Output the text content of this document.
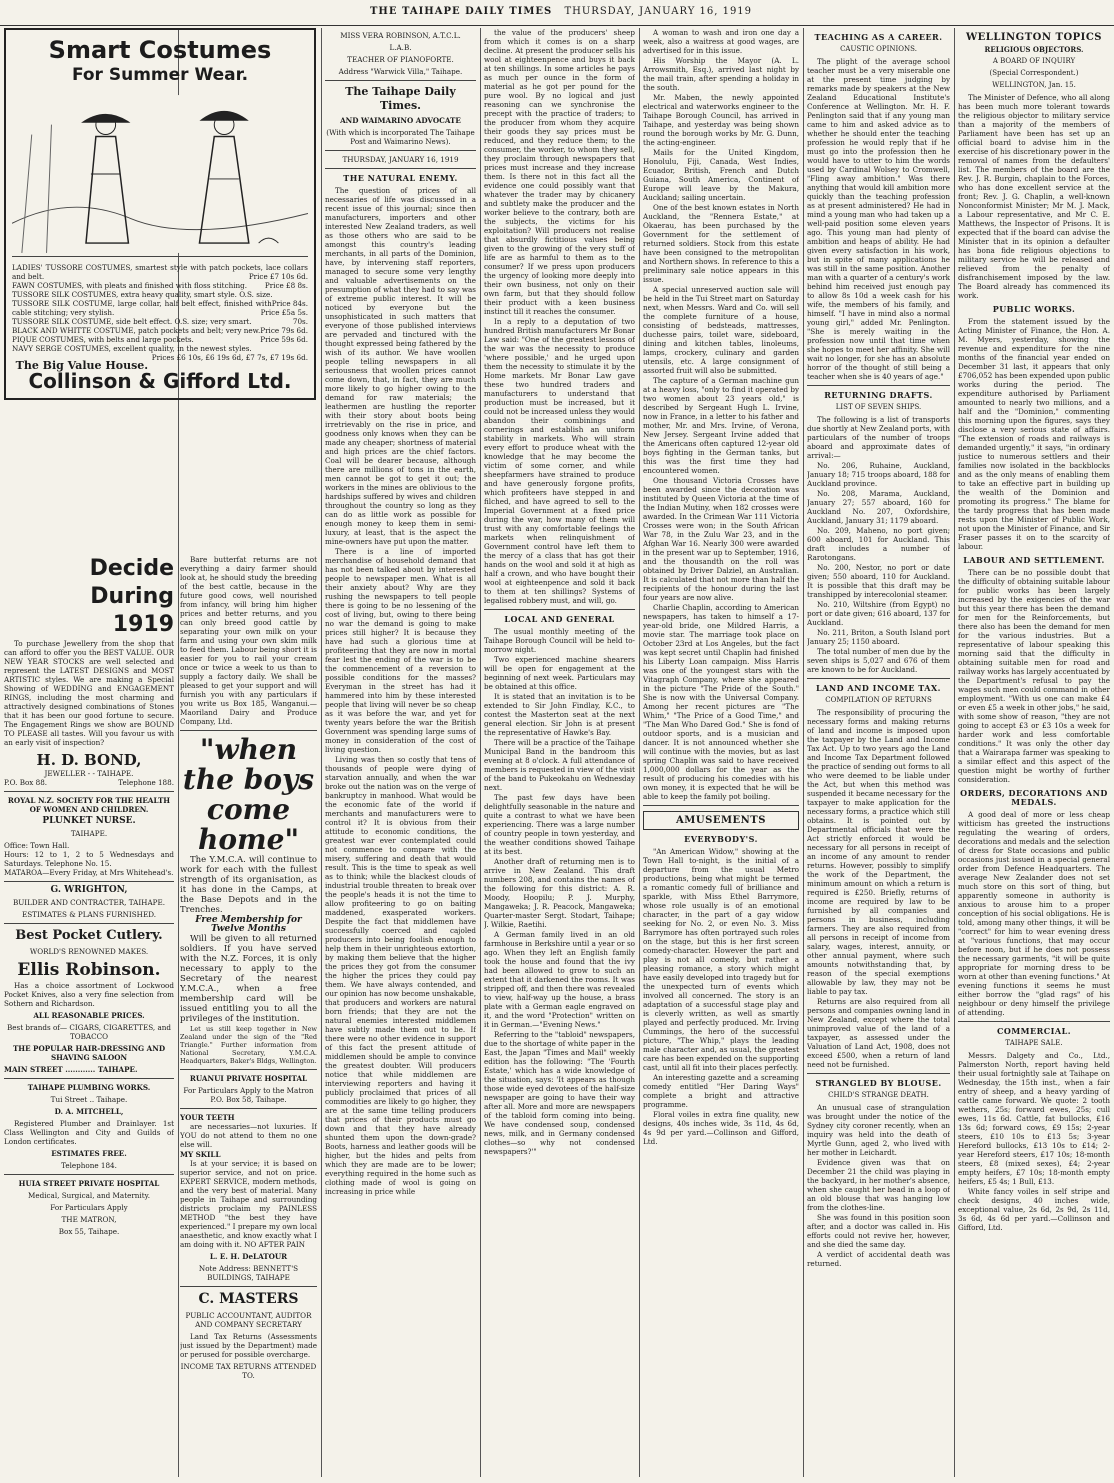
THE TAIHAPE DAILY TIMES THURSDAY, JANUARY 16, 1919
Smart Costumes
For Summer Wear.
LADIES' TUSSORE COSTUMES, smartest style with patch pockets, lace collars and belt.	Price £7 10s 6d.
FAWN COSTUMES, with pleats and finished with floss stitching. Price £8 8s.
TUSSORE SILK COSTUMES, extra heavy quality, smart style. O.S. size.
Price 84s.
TUSSORE SILK COSTUME, large collar, half belt effect, finished with cable stitching; very stylish.	Price £5a 5s.
TUSSORE SILK COSTUME, side belt effect. O.S. size; very smart.	70s.
BLACK AND WHITTE COSTUME, patch pockets and belt; very new. Price 79s 6d.
PIQUE COSTUMES, with belts and large pockets.	Price 59s 6d.
NAVY SERGE COSTUMES, excellent quality, in the newest styles.
Prices £6 10s, £6 19s 6d, £7 7s, £7 19s 6d.
The Big Value House.
Collinson & Gifford Ltd.
Decide
During
1919

To purchase Jewellery from the shop that can afford to offer you the BEST VALUE. OUR NEW YEAR STOCKS are well selected and represent the LATEST DESIGNS and MOST ARTISTIC styles. We are making a Special Showing of WEDDING and ENGAGEMENT RINGS, including the most charming and attractively designed combinations of Stones that it has been our good fortune to secure. The Engagement Rings we show are BOUND TO PLEASE all tastes. Will you favour us with an early visit of inspection?

H. D. BOND,
JEWELLER - - TAIHAPE.
P.O. Box 88.	Telephone 188.
ROYAL N.Z. SOCIETY FOR THE HEALTH OF WOMEN AND CHILDREN.
PLUNKET NURSE.
TAIHAPE.
Office: Town Hall.
Hours: 12 to 1, 2 to 5 Wednesdays and Saturdays. Telephone No. 15.
MATAROA—Every Friday, at Mrs Whitehead's.
G. WRIGHTON,
BUILDER AND CONTRACTER, TAIHAPE.
ESTIMATES & PLANS FURNISHED.
Best Pocket Cutlery.
WORLD'S RENOWNED MAKES.
Ellis Robinson.

Has a choice assortment of Lockwood Pocket Knives, also a very fine selection from Sothern and Richardson.

ALL REASONABLE PRICES.
Best brands of— CIGARS, CIGARETTES, and TOBACCO
THE POPULAR HAIR-DRESSING AND SHAVING SALOON
MAIN STREET ............ TAIHAPE.
TAIHAPE PLUMBING WORKS.
Tui Street .. Taihape.
D. A. MITCHELL,

Registered Plumber and Drainlayer. 1st Class Wellington and City and Guilds of London certificates.

ESTIMATES FREE.
Telephone 184.
HUIA STREET PRIVATE HOSPITAL
Medical, Surgical, and Maternity.
For Particulars Apply
THE MATRON,
Box 55, Taihape.

Bare butterfat returns are not everything a dairy farmer should look at, he should study the breeding of the best cattle, because in the future good cows, well nourished from infancy, will bring him higher prices and better returns, and you can only breed good cattle by separating your own milk on your farm and using your own skim milk to feed them. Labour being short it is easier for you to rail your cream once or twice a week to us than to supply a factory daily. We shall be pleased to get your support and will furnish you with any particulars if you write us Box 185, Wanganui.—Maoriland Dairy and Produce Company, Ltd.

"when the boys come home"

The Y.M.C.A. will continue to work for each with the fullest strength of its organisation, as it has done in the Camps, at the Base Depots and in the Trenches.

Free Membership for Twelve Months

Will be given to all returned soldiers. If you have served with the N.Z. Forces, it is only necessary to apply to the Secretary of the nearest Y.M.C.A., when a free membership card will be issued entitling you to all the privileges of the institution.

Let us still keep together in New Zealand under the sign of the "Red Triangle." Further information from National Secretary, Y.M.C.A. Headquarters, Baker's Bldgs, Wellington.

RUANUI PRIVATE HOSPITAL
For Particulars Apply to the Matron P.O. Box 58, Taihape.
YOUR TEETH

are necessaries—not luxuries. If YOU do not attend to them no one else will.

MY SKILL

Is at your service; it is based on superior service, and not on price. EXPERT SERVICE, modern methods, and the very best of material. Many people in Taihape and surrounding districts proclaim my PAINLESS METHOD "the best they have experienced." I prepare my own local anaesthetic, and know exactly what I am doing with it. NO AFTER PAIN

L. E. H. DeLATOUR
Note Address: BENNETT'S BUILDINGS, TAIHAPE
C. MASTERS
PUBLIC ACCOUNTANT, AUDITOR AND COMPANY SECRETARY

Land Tax Returns (Assessments just issued by the Department) made or perused for possible overcharge.

INCOME TAX RETURNS ATTENDED TO.
MISS VERA ROBINSON, A.T.C.L.
L.A.B.
TEACHER OF PIANOFORTE.
Address "Warwick Villa," Taihape.
The Taihape Daily Times.
AND WAIMARINO ADVOCATE
(With which is incorporated The Taihape Post and Waimarino News).
THURSDAY, JANUARY 16, 1919
THE NATURAL ENEMY.

The question of prices of all necessaries of life was discussed in a recent issue of this journal; since then manufacturers, importers and other interested New Zealand traders, as well as those others who are said to be amongst this country's leading merchants, in all parts of the Dominion, have, by intervening staff reporters, managed to secure some very lengthy and valuable advertisements on the presumption of what they had to say was of extreme public interest. It will be noticed by everyone but the unsophisticated in such matters that everyone of those published interviews are pervaded and tinctured with the thought expressed being fathered by the wish of its author. We have woollen people telling newspapers in all seriousness that woollen prices cannot come down, that, in fact, they are much more likely to go higher owing to the demand for raw materials; the leathermen are hustling the reporter with their story about boots being irretrievably on the rise in price, and goodness only knows when they can be made any cheaper; shortness of material and high prices are the chief factors. Coal will be dearer because, although there are millions of tons in the earth, men cannot be got to get it out; the workers in the mines are oblivious to the hardships suffered by wives and children throughout the country so long as they can do as little work as possible for enough money to keep them in semi-luxury, at least, that is the aspect the mine-owners have put upon the matter.

There is a line of imported merchandise of household demand that has not been talked about by interested people to newspaper men. What is all their anxiety about? Why are they rushing the newspapers to tell people there is going to be no lessening of the cost of living, but, owing to there being no war the demand is going to make prices still higher? It is because they have had such a glorious time at profiteering that they are now in mortal fear lest the ending of the war is to be the commencement of a reversion to possible conditions for the masses? Everyman in the street has had it hammered into him by these interested people that living will never be so cheap as it was before the war, and yet for twenty years before the war the British Government was spending large sums of money in consideration of the cost of living question.

Living was then so costly that tens of thousands of people were dying of starvation annually, and when the war broke out the nation was on the verge of bankruptcy in manhood. What would be the economic fate of the world if merchants and manufacturers were to control it? It is obvious from their attitude to economic conditions, the greatest war ever contemplated could not commence to compare with the misery, suffering and death that would result. This is the time to speak as well as to think; while the blackest clouds of industrial trouble threaten to break over the people's heads it is not the time to allow profiteering to go on baiting maddened, exasperated workers. Despite the fact that middlemen have successfully coerced and cajoled producers into being foolish enough to help them in their unrighteous extortion, by making them believe that the higher the prices they got from the consumer the higher the prices they could pay them. We have always contended, and our opinion has now become unshakable, that producers and workers are natural born friends; that they are not the natural enemies interested middlemen have subtly made them out to be. If there were no other evidence in support of this fact the present attitude of middlemen should be ample to convince the greatest doubter. Will producers notice that while middlemen are interviewing reporters and having it publicly proclaimed that prices of all commodities are likely to go higher, they are at the same time telling producers that prices of their products must go down and that they have already shunted them upon the down-grade? Boots, harness and leather goods will be higher, but the hides and pelts from which they are made are to be lower; everything required in the home such as clothing made of wool is going on increasing in price while

the value of the producers' sheep from which it comes is on a sharp decline. At present the producer sells his wool at eighteenpence and buys it back at ten shillings. In some articles he pays as much per ounce in the form of material as he got per pound for the pure wool. By no logical and just reasoning can we synchronise the precept with the practice of traders; to the producer from whom they acquire their goods they say prices must be reduced, and they reduce them; to the consumer, the worker, to whom they sell, they proclaim through newspapers that prices must increase and they increase them. Is there not in this fact all the evidence one could possibly want that whatever the trader may by chicanery and subtlety make the producer and the worker believe to the contrary, both are the subjects, the victims for his exploitation? Will producers not realise that absurdly fictitious values being given to the growing of the very stuff of life are as harmful to them as to the consumer? If we press upon producers the urgency of looking more deeply into their own business, not only on their own farm, but that they should follow their product with a keen business instinct till it reaches the consumer.

In a reply to a deputation of two hundred British manufacturers Mr Bonar Law said: "One of the greatest lessons of the war was the necessity to produce 'where possible,' and he urged upon them the necessity to stimulate it by the Home markets. Mr Bonar Law gave these two hundred traders and manufacturers to understand that production must be increased, but it could not be increased unless they would abandon their combinings and cornerings and establish an uniform stability in markets. Who will strain every effort to produce wheat with the knowledge that he may become the victim of some corner, and while sheepfarmers have strained to produce and have generously forgone profits, which profiteers have stepped in and filched, and have agreed to sell to the Imperial Government at a fixed price during the war, how many of them will trust with any comfortable feelings the markets when relinquishment of Government control have left them to the mercy of a class that has got their hands on the wool and sold it at high as half a crown, and who have bought their wool at eighteenpence and sold it back to them at ten shillings? Systems of legalised robbery must, and will, go.

LOCAL AND GENERAL

The usual monthly meeting of the Taihape Borough Council will be held to-morrow night.

Two experienced machine shearers will be open for engagement at the beginning of next week. Particulars may be obtained at this office.

It is stated that an invitation is to be extended to Sir John Findlay, K.C., to contest the Masterton seat at the next general election. Sir John is at present the representative of Hawke's Bay.

There will be a practice of the Taihape Municipal Band in the bandroom this evening at 8 o'clock. A full attendance of members is requested in view of the visit of the band to Pukeokahu on Wednesday next.

The past few days have been delightfully seasonable in the nature and quite a contrast to what we have been experiencing. There was a large number of country people in town yesterday, and the weather conditions showed Taihape at its best.

Another draft of returning men is to arrive in New Zealand. This draft numbers 208, and contains the names of the following for this district: A. R. Moody, Hoopilu; P. J. Murphy, Mangaweka; J. R. Peacock, Mangaweka; Quarter-master Sergt. Stodart, Taihape; J. Wilkie, Raetihi.

A German family lived in an old farmhouse in Berkshire until a year or so ago. When they left an English family took the house and found that the ivy had been allowed to grow to such an extent that it darkened the rooms. It was stripped off, and then there was revealed to view, half-way up the house, a brass plate with a German eagle engraved on it, and the word "Protection" written on it in German.—"Evening News."

Referring to the "tabloid" newspapers, due to the shortage of white paper in the East, the Japan "Times and Mail" weekly edition has the following: "The 'Fourth Estate,' which has a wide knowledge of the situation, says: 'It appears as though those wide eyed devotees of the half-size newspaper are going to have their way after all. More and more are newspapers of the tabloid form coming into being. We have condensed soup, condensed news, milk, and in Germany condensed clothes—so why not condensed newspapers?'"

A woman to wash and iron one day a week, also a waitress at good wages, are advertised for in this issue.

His Worship the Mayor (A. L. Arrowsmith, Esq.), arrived last night by the mail train, after spending a holiday in the south.

Mr. Maben, the newly appointed electrical and waterworks engineer to the Taihape Borough Council, has arrived in Taihape, and yesterday was being shown round the borough works by Mr. G. Dunn, the acting-engineer.

Mails for the United Kingdom, Honolulu, Fiji, Canada, West Indies, Ecuador, British, French and Dutch Guiana, South America, Continent of Europe will leave by the Makura, Auckland; sailing uncertain.

One of the best known estates in North Auckland, the "Rennera Estate," at Okaerau, has been purchased by the Government for the settlement of returned soldiers. Stock from this estate have been consigned to the metropolitan and Northern shows. In reference to this a preliminary sale notice appears in this issue.

A special unreserved auction sale will be held in the Tui Street mart on Saturday next, when Messrs. Ward and Co. will sell the complete furniture of a house, consisting of bedsteads, mattresses, duchesse pairs, toilet ware, sideboard, dining and kitchen tables, linoleums, lamps, crockery, culinary and garden utensils, etc. A large consignment of assorted fruit will also be submitted.

The capture of a German machine gun at a heavy loss, "only to find it operated by two women about 23 years old," is described by Sergeant Hugh L. Irvine, now in France, in a letter to his father and mother, Mr. and Mrs. Irvine, of Verona, New Jersey. Sergeant Irvine added that the Americans often captured 12-year old boys fighting in the German tanks, but this was the first time they had encountered women.

One thousand Victoria Crosses have been awarded since the decoration was instituted by Queen Victoria at the time of the Indian Mutiny, when 182 crosses were awarded. In the Crimean War 111 Victoria Crosses were won; in the South African War 78, in the Zulu War 23, and in the Afghan War 16. Nearly 300 were awarded in the present war up to September, 1916, and the thousandth on the roll was obtained by Driver Dalziel, an Australian. It is calculated that not more than half the recipients of the honour during the last four years are now alive.

Charlie Chaplin, according to American newspapers, has taken to himself a 17-year-old bride, one Mildred Harris, a movie star. The marriage took place on October 23rd at Los Angeles, but the fact was kept secret until Chaplin had finished his Liberty Loan campaign. Miss Harris was one of the youngest stars with the Vitagraph Company, where she appeared in the picture "The Pride of the South." She is now with the Universal Company. Among her recent pictures are "The Whim," "The Price of a Good Time," and "The Man Who Dared God." She is fond of outdoor sports, and is a musician and dancer. It is not announced whether she will continue with the movies, but as last spring Chaplin was said to have received 1,000,000 dollars for the year as the result of producing his comedies with his own money, it is expected that he will be able to keep the family pot boiling.

AMUSEMENTS
EVERYBODY'S.

"An American Widow," showing at the Town Hall to-night, is the initial of a departure from the usual Metro productions, being what might be termed a romantic comedy full of brilliance and sparkle, with Miss Ethel Barrymore, whose role usually is of an emotional character, in the part of a gay widow seeking for No. 2, or even No. 3. Miss Barrymore has often portrayed such roles on the stage, but this is her first screen comedy-character. However the part and play is not all comedy, but rather a pleasing romance, a story which might have easily developed into tragedy but for the unexpected turn of events which involved all concerned. The story is an adaptation of a successful stage play and is cleverly written, as well as smartly played and perfectly produced. Mr. Irving Cummings, the hero of the successful picture, "The Whip," plays the leading male character and, as usual, the greatest care has been expended on the supporting cast, until all fit into their places perfectly.

An interesting gazette and a screaming comedy entitled "Her Daring Ways" complete a bright and attractive programme.

Floral voiles in extra fine quality, new designs, 40s inches wide, 3s 11d, 4s 6d, 4s 9d per yard.—Collinson and Gifford, Ltd.

TEACHING AS A CAREER.
CAUSTIC OPINIONS.

The plight of the average school teacher must be a very miserable one at the present time judging by remarks made by speakers at the New Zealand Educational Institute's Conference at Wellington. Mr. H. F. Penlington said that if any young man came to him and asked advice as to whether he should enter the teaching profession he would reply that if he must go into the profession then he would have to utter to him the words used by Cardinal Wolsey to Cromwell, "Fling away ambition." Was there anything that would kill ambition more quickly than the teaching profession as at present administered? He had in mind a young man who had taken up a well-paid position some eleven years ago. This young man had plenty of ambition and heaps of ability. He had given every satisfaction in his work, but in spite of many applications he was still in the same position. Another man with a quarter of a century's work behind him received just enough pay to allow 8s 10d a week cash for his wife, the members of his family, and himself. "I have in mind also a normal young girl," added Mr. Penlington. "She is merely waiting in the profession now until that time when she hopes to meet her affinity. She will wait no longer, for she has an absolute horror of the thought of still being a teacher when she is 40 years of age."

RETURNING DRAFTS.
LIST OF SEVEN SHIPS.

The following is a list of transports due shortly at New Zealand ports, with particulars of the number of troops aboard and approximate dates of arrival:—

No. 206, Ruhaine, Auckland, January 18; 715 troops aboard, 188 for Auckland province.

No. 208, Marama, Auckland, January 27; 557 aboard, 160 for Auckland No. 207, Oxfordshire, Auckland, January 31; 1179 aboard.

No. 209, Maheno, no port given; 600 aboard, 101 for Auckland. This draft includes a number of Rarotongans.

No. 200, Nestor, no port or date given; 550 aboard, 110 for Auckland. It is possible that this draft may be transhipped by interecolonial steamer.

No. 210, Wiltshire (from Egypt) no port or date given; 616 aboard, 137 for Auckland.

No. 211, Briton, a South Island port January 25; 1150 aboard.

The total number of men due by the seven ships is 5,027 and 676 of them are known to be for Auckland.

LAND AND INCOME TAX.
COMPILATION OF RETURNS

The responsibility of procuring the necessary forms and making returns of land and income is imposed upon the taxpayer by the Land and Income Tax Act. Up to two years ago the Land and Income Tax Department followed the practice of sending out forms to all who were deemed to be liable under the Act, but when this method was suspended it became necessary for the taxpayer to make application for the necessary forms, a practice which still obtains. It is pointed out by Departmental officials that were the Act strictly enforced it would be necessary for all persons in receipt of an income of any amount to render returns. However, possibly to simplify the work of the Department, the minimum amount on which a return is required is £250. Briefly, returns of income are required by law to be furnished by all companies and persons in business, including farmers. They are also required from all persons in receipt of income from salary, wages, interest, annuity, or other annual payment, where such amounts notwithstanding that, by reason of the special exemptions allowable by law, they may not be liable to pay tax.

Returns are also required from all persons and companies owning land in New Zealand, except where the total unimproved value of the land of a taxpayer, as assessed under the Valuation of Land Act, 1908, does not exceed £500, when a return of land need not be furnished.

STRANGLED BY BLOUSE.
CHILD'S STRANGE DEATH.

An unusual case of strangulation was brought under the notice of the Sydney city coroner recently, when an inquiry was held into the death of Myrtle Gunn, aged 2, who lived with her mother in Leichardt.

Evidence given was that on December 21 the child was playing in the backyard, in her mother's absence, when she caught her head in a loop of an old blouse that was hanging low from the clothes-line.

She was found in this position soon after, and a doctor was called in. His efforts could not revive her, however, and she died the same day.

A verdict of accidental death was returned.

WELLINGTON TOPICS
RELIGIOUS OBJECTORS.
A BOARD OF INQUIRY
(Special Correspondent.)
WELLINGTON, Jan. 15.

The Minister of Defence, who all along has been much more tolerant towards the religious objector to military service than a majority of the members of Parliament have been has set up an official board to advise him in the exercise of his discretionary power in the removal of names from the defaulters' list. The members of the board are the Rev. J. R. Burgin, chaplain to the Forces, who has done excellent service at the front; Rev. J. G. Chaplin, a well-known Nonconformist Minister; Mr M. J. Mack, a Labour representative, and Mr C. E. Matthews, the Inspector of Prisons. It is expected that if the board can advise the Minister that in its opinion a defaulter has bona fide religious objections to military service he will be released and relieved from the penalty of disfranchisement imposed by the law. The Board already has commenced its work.

PUBLIC WORKS.

From the statement issued by the Acting Minister of Finance, the Hon. A. M. Myers, yesterday, showing the revenue and expenditure for the nine months of the financial year ended on December 31 last, it appears that only £706,052 has been expended upon public works during the period. The expenditure authorised by Parliament amounted to nearly two millions, and a half and the "Dominion," commenting this morning upon the figures, says they disclose a very serious state of affairs. "The extension of roads and railways is demanded urgently," it says, "in ordinary justice to numerous settlers and their families now isolated in the backblocks and as the only means of enabling them to take an effective part in building up the wealth of the Dominion and promoting its progress." The blame for the tardy progress that has been made rests upon the Minister of Public Work, not upon the Minister of Finance, and Sir Fraser passes it on to the scarcity of labour.

LABOUR AND SETTLEMENT.

There can be no possible doubt that the difficulty of obtaining suitable labour for public works has been largely increased by the exigencies of the war but this year there has been the demand for men for the Reinforcements, but there also has been the demand for men for the various industries. But a representative of labour speaking this morning said that the difficulty in obtaining suitable men for road and railway works has largely accentuated by the Department's refusal to pay the wages such men could command in other employment. "With us one can make £4 or even £5 a week in other jobs," he said, with some show of reason, "they are not going to accept £3 or £3 10s a week for harder work and less comfortable conditions." It was only the other day that a Wairarapa farmer was speaking to a similar effect and this aspect of the question might be worthy of further consideration.

ORDERS, DECORATIONS AND MEDALS.

A good deal of more or less cheap witticism has greeted the instructions regulating the wearing of orders, decorations and medals and the selection of dress for State occasions and public occasions just issued in a special general order from Defence Headquarters. The average New Zealander does not set much store on this sort of thing, but apparently someone in authority is anxious to arouse him to a proper conception of his social obligations. He is told, among many other things, it will be "correct" for him to wear evening dress at "various functions, that may occur before noon, but if he does not possess the necessary garments, "it will be quite appropriate for morning dress to be worn at other than evening functions." At evening functions it seems he must either borrow the "glad rags" of his neighbour or deny himself the privilege of attending.

COMMERCIAL.
TAIHAPE SALE.

Messrs. Dalgety and Co., Ltd., Palmerston North, report having held their usual fortnightly sale at Taihape on Wednesday, the 15th inst., when a fair entry of sheep, and a heavy yarding of cattle came forward. We quote: 2 tooth wethers, 25s; forward ewes, 25s; cull ewes, 11s 6d. Cattle, fat bullocks, £16 13s 6d; forward cows, £9 15s; 2-year steers, £10 10s to £13 5s; 3-year Hereford bullocks, £13 10s to £14; 2-year Hereford steers, £17 10s; 18-month steers, £8 (mixed sexes), £4; 2-year empty heifers, £7 10s; 18-month empty heifers, £5 4s; 1 Bull, £13.

White fancy voiles in self stripe and check designs, 40 inches wide, exceptional value, 2s 6d, 2s 9d, 2s 11d, 3s 6d, 4s 6d per yard.—Collinson and Gifford, Ltd.
